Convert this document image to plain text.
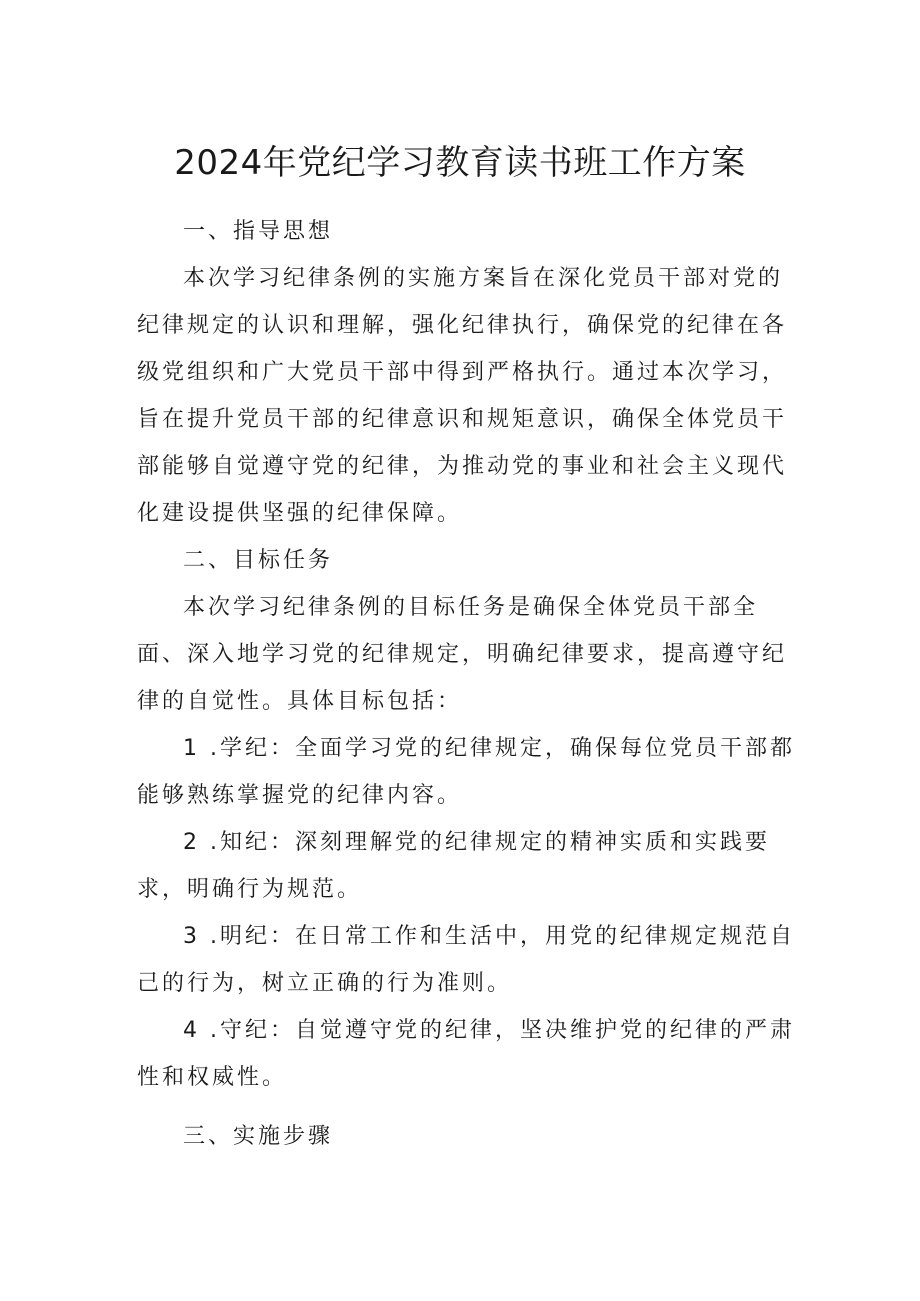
2024年党纪学习教育读书班工作方案

一、指导思想

本次学习纪律条例的实施方案旨在深化党员干部对党的纪律规定的认识和理解，强化纪律执行，确保党的纪律在各级党组织和广大党员干部中得到严格执行。通过本次学习，旨在提升党员干部的纪律意识和规矩意识，确保全体党员干部能够自觉遵守党的纪律，为推动党的事业和社会主义现代化建设提供坚强的纪律保障。

二、目标任务

本次学习纪律条例的目标任务是确保全体党员干部全面、深入地学习党的纪律规定，明确纪律要求，提高遵守纪律的自觉性。具体目标包括：

1 .学纪：全面学习党的纪律规定，确保每位党员干部都能够熟练掌握党的纪律内容。

2 .知纪：深刻理解党的纪律规定的精神实质和实践要求，明确行为规范。

3 .明纪：在日常工作和生活中，用党的纪律规定规范自己的行为，树立正确的行为准则。

4 .守纪：自觉遵守党的纪律，坚决维护党的纪律的严肃性和权威性。

三、实施步骤
